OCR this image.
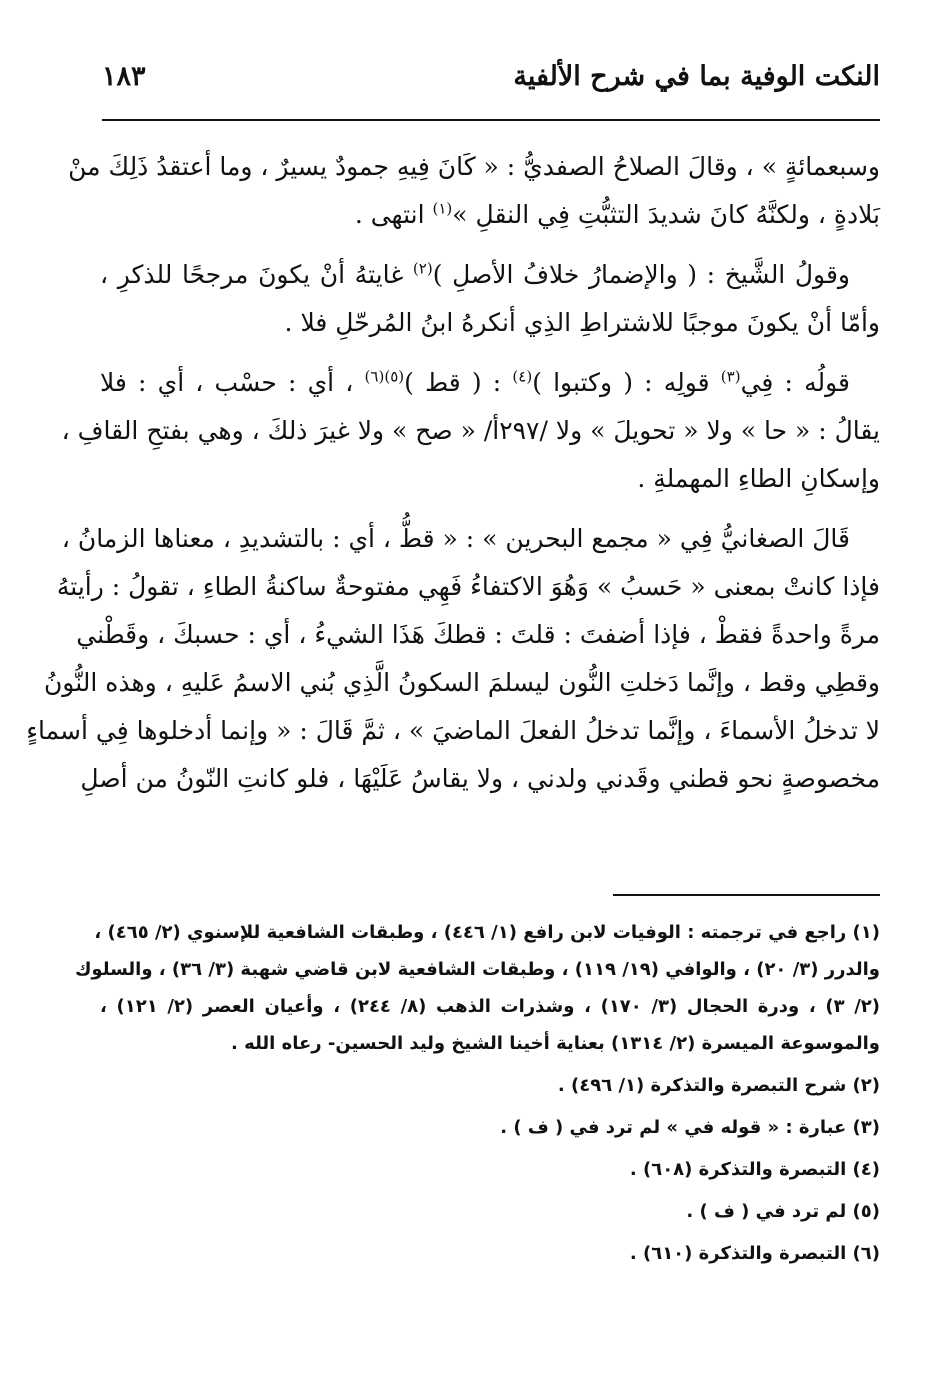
النكت الوفية بما في شرح الألفية
١٨٣
وسبعمائةٍ » ، وقالَ الصلاحُ الصفديُّ : « كَانَ فِيهِ جمودٌ يسيرٌ ، وما أعتقدُ ذَلِكَ منْ
بَلادةٍ ، ولكنَّهُ كانَ شديدَ التثبُّتِ فِي النقلِ »$^{(١)}$ انتهى .
وقولُ الشَّيخ : ( والإضمارُ خلافُ الأصلِ )$^{(٢)}$ غايتهُ أنْ يكونَ مرجحًا للذكرِ ،
وأمّا أنْ يكونَ موجبًا للاشتراطِ الذِي أنكرهُ ابنُ المُرحّلِ فلا .
قولُه : فِي$^{(٣)}$ قولِه : ( وكتبوا )$^{(٤)}$ : ( قط )$^{(٥)(٦)}$ ، أي : حسْب ، أي : فلا
يقالُ : « حا » ولا « تحويلَ » ولا /٢٩٧أ/ « صح » ولا غيرَ ذلكَ ، وهي بفتحِ القافِ ،
وإسكانِ الطاءِ المهملةِ .
قَالَ الصغانيُّ فِي « مجمع البحرين » : « قطُّ ، أي : بالتشديدِ ، معناها الزمانُ ،
فإذا كانتْ بمعنى « حَسبُ » وَهُوَ الاكتفاءُ فَهِي مفتوحةٌ ساكنةُ الطاءِ ، تقولُ : رأيتهُ
مرةً واحدةً فقطْ ، فإذا أضفتَ : قلتَ : قطكَ هَذَا الشيءُ ، أي : حسبكَ ، وقَطْني
وقطِي وقط ، وإنَّما دَخلتِ النُّون ليسلمَ السكونُ الَّذِي بُني الاسمُ عَليهِ ، وهذه النُّونُ
لا تدخلُ الأسماءَ ، وإنَّما تدخلُ الفعلَ الماضيَ » ، ثمَّ قَالَ : « وإنما أدخلوها فِي أسماءٍ
مخصوصةٍ نحو قطني وقَدني ولدني ، ولا يقاسُ عَلَيْهَا ، فلو كانتِ النّونُ من أصلِ
(١) راجع في ترجمته : الوفيات لابن رافع (١/ ٤٤٦) ، وطبقات الشافعية للإسنوي (٢/ ٤٦٥) ،
والدرر (٣/ ٢٠) ، والوافي (١٩/ ١١٩) ، وطبقات الشافعية لابن قاضي شهبة (٣/ ٣٦) ، والسلوك
(٢/ ٣) ، ودرة الحجال (٣/ ١٧٠) ، وشذرات الذهب (٨/ ٢٤٤) ، وأعيان العصر (٢/ ١٢١) ،
والموسوعة الميسرة (٢/ ١٣١٤) بعناية أخينا الشيخ وليد الحسين- رعاه الله .
(٢) شرح التبصرة والتذكرة (١/ ٤٩٦) .
(٣) عبارة : « قوله في » لم ترد في ( ف ) .
(٤) التبصرة والتذكرة (٦٠٨) .
(٥) لم ترد في ( ف ) .
(٦) التبصرة والتذكرة (٦١٠) .
